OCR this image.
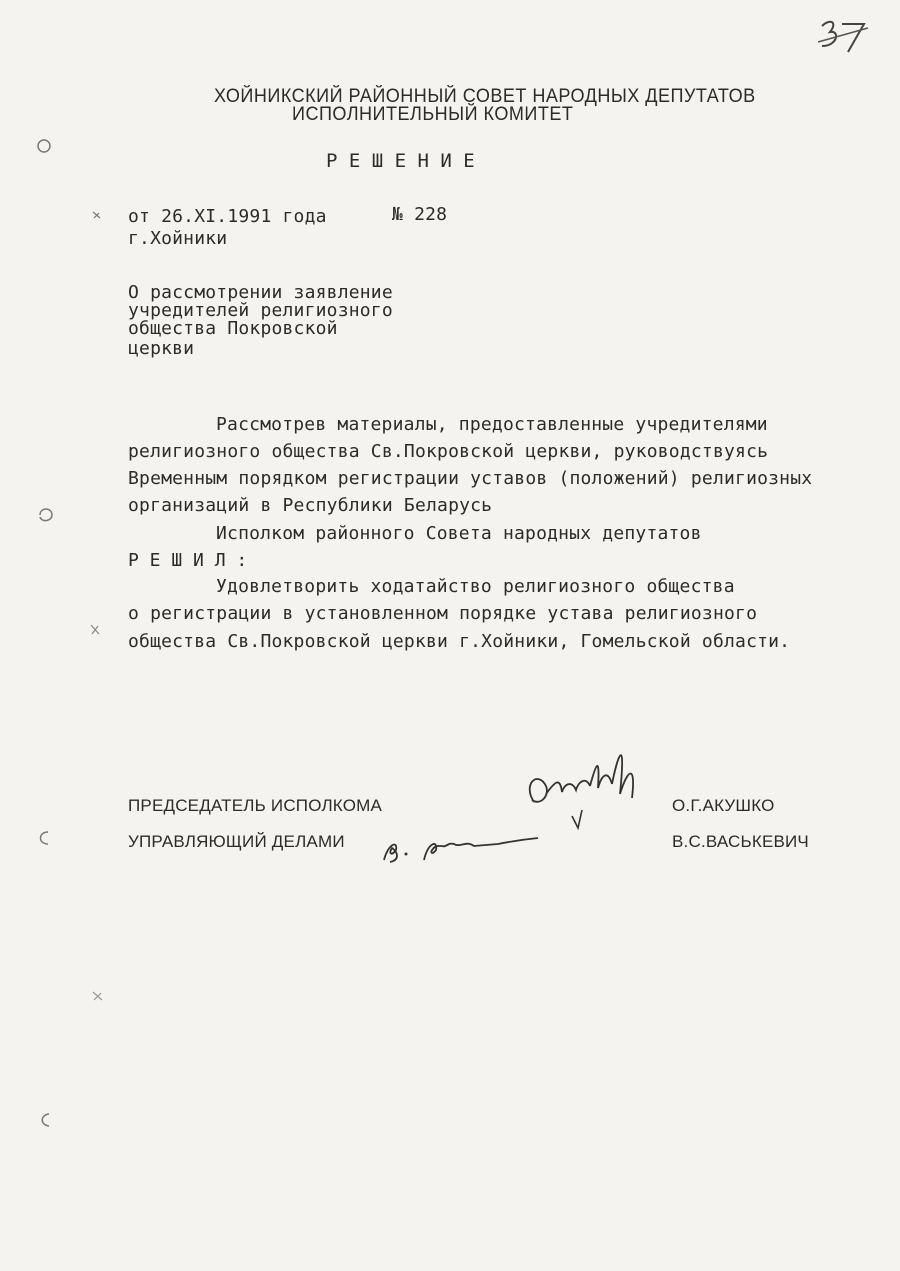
ХОЙНИКСКИЙ РАЙОННЫЙ СОВЕТ НАРОДНЫХ ДЕПУТАТОВ
ИСПОЛНИТЕЛЬНЫЙ КОМИТЕТ
Р Е Ш Е Н И Е
от 26.XI.1991 года	№ 228
г.Хойники
О рассмотрении заявление
учредителей религиозного
общества Покровской
церкви
Рассмотрев материалы, предоставленные учредителями
религиозного общества Св.Покровской церкви, руководствуясь
Временным порядком регистрации уставов (положений) религиозных
организаций в Республики Беларусь
Исполком районного Совета народных депутатов
Р Е Ш И Л :
Удовлетворить ходатайство религиозного общества
о регистрации в установленном порядке устава религиозного
общества Св.Покровской церкви г.Хойники, Гомельской области.
ПРЕДСЕДАТЕЛЬ ИСПОЛКОМА	О.Г.АКУШКО
УПРАВЛЯЮЩИЙ ДЕЛАМИ	В.С.ВАСЬКЕВИЧ
